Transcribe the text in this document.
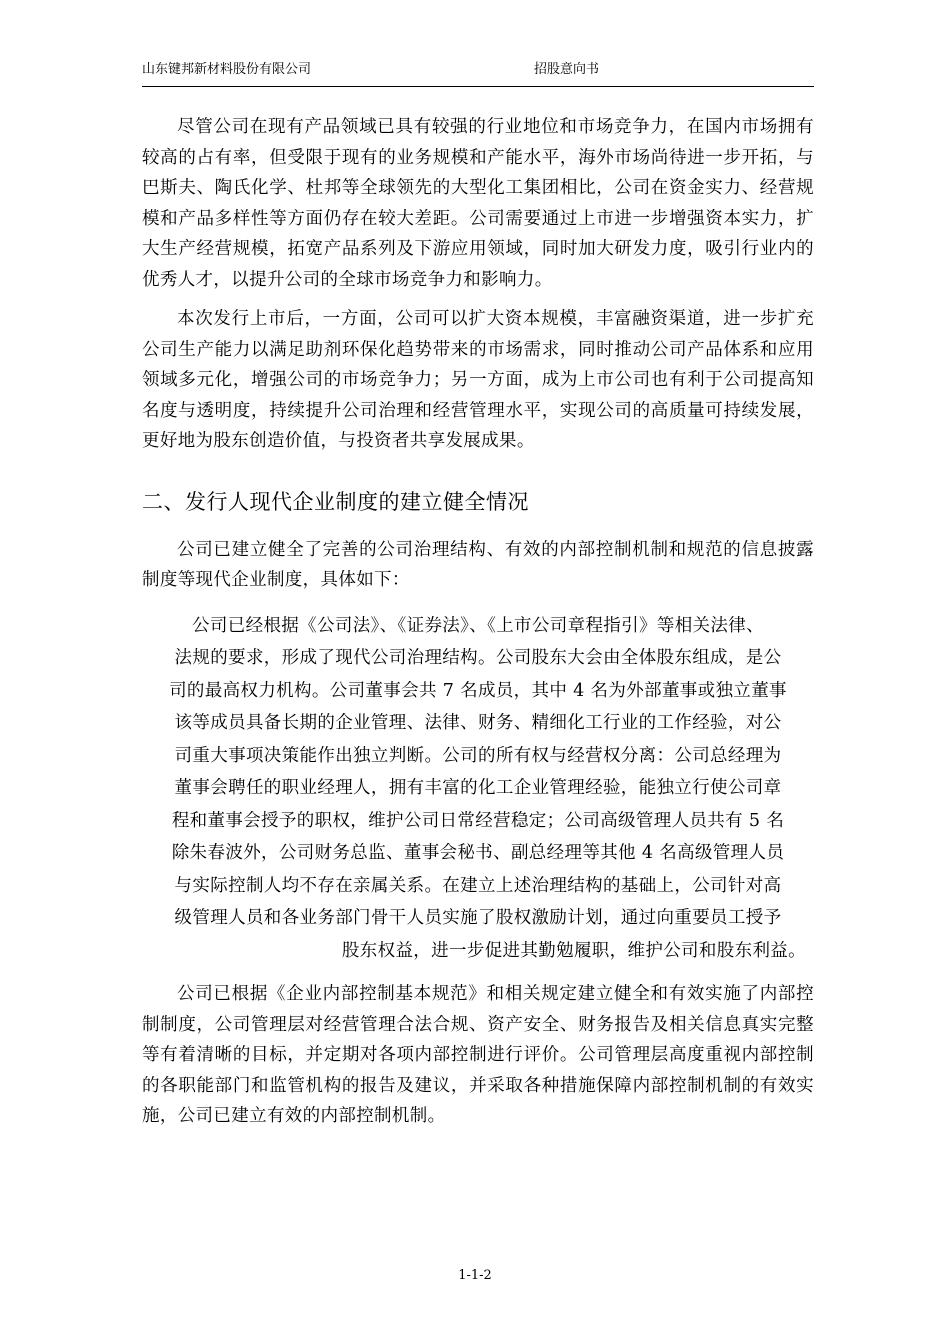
山东键邦新材料股份有限公司	招股意向书

尽管公司在现有产品领域已具有较强的行业地位和市场竞争力，在国内市场拥有较高的占有率，但受限于现有的业务规模和产能水平，海外市场尚待进一步开拓，与巴斯夫、陶氏化学、杜邦等全球领先的大型化工集团相比，公司在资金实力、经营规模和产品多样性等方面仍存在较大差距。公司需要通过上市进一步增强资本实力，扩大生产经营规模，拓宽产品系列及下游应用领域，同时加大研发力度，吸引行业内的优秀人才，以提升公司的全球市场竞争力和影响力。

本次发行上市后，一方面，公司可以扩大资本规模，丰富融资渠道，进一步扩充公司生产能力以满足助剂环保化趋势带来的市场需求，同时推动公司产品体系和应用领域多元化，增强公司的市场竞争力；另一方面，成为上市公司也有利于公司提高知名度与透明度，持续提升公司治理和经营管理水平，实现公司的高质量可持续发展，更好地为股东创造价值，与投资者共享发展成果。

二、发行人现代企业制度的建立健全情况

公司已建立健全了完善的公司治理结构、有效的内部控制机制和规范的信息披露制度等现代企业制度，具体如下：

公司已经根据《公司法》、《证券法》、《上市公司章程指引》等相关法律、
法规的要求，形成了现代公司治理结构。公司股东大会由全体股东组成，是公
司的最高权力机构。公司董事会共 7 名成员，其中 4 名为外部董事或独立董事
该等成员具备长期的企业管理、法律、财务、精细化工行业的工作经验，对公
司重大事项决策能作出独立判断。公司的所有权与经营权分离：公司总经理为
董事会聘任的职业经理人，拥有丰富的化工企业管理经验，能独立行使公司章
程和董事会授予的职权，维护公司日常经营稳定；公司高级管理人员共有 5 名
除朱春波外，公司财务总监、董事会秘书、副总经理等其他 4 名高级管理人员
与实际控制人均不存在亲属关系。在建立上述治理结构的基础上，公司针对高
级管理人员和各业务部门骨干人员实施了股权激励计划，通过向重要员工授予
股东权益，进一步促进其勤勉履职，维护公司和股东利益。

公司已根据《企业内部控制基本规范》和相关规定建立健全和有效实施了内部控制制度，公司管理层对经营管理合法合规、资产安全、财务报告及相关信息真实完整等有着清晰的目标，并定期对各项内部控制进行评价。公司管理层高度重视内部控制的各职能部门和监管机构的报告及建议，并采取各种措施保障内部控制机制的有效实施，公司已建立有效的内部控制机制。

1-1-2
